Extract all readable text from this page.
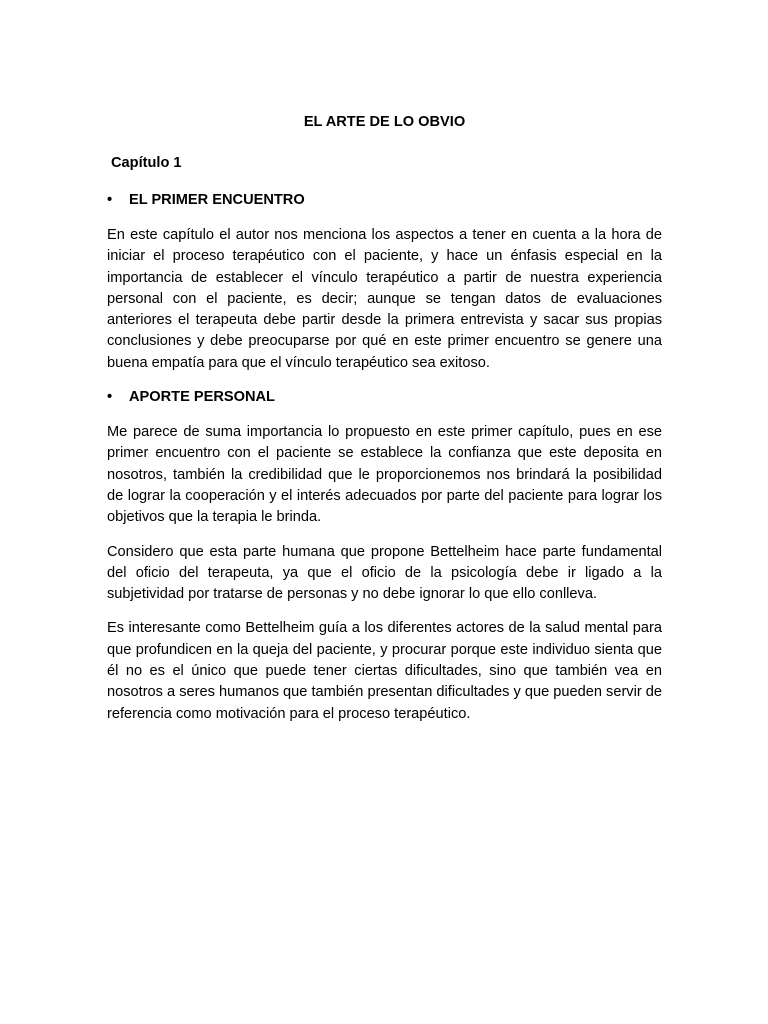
EL ARTE DE LO OBVIO
Capítulo 1
•	EL PRIMER ENCUENTRO

En este capítulo el autor nos menciona los aspectos a tener en cuenta a la hora de iniciar el proceso terapéutico con el paciente, y hace un énfasis especial en la importancia de establecer el vínculo terapéutico a partir de nuestra experiencia personal con el paciente, es decir; aunque se tengan datos de evaluaciones anteriores el terapeuta debe partir desde la primera entrevista y sacar sus propias conclusiones y debe preocuparse por qué en este primer encuentro se genere una buena empatía para que el vínculo terapéutico sea exitoso.

•	APORTE PERSONAL

Me parece de suma importancia lo propuesto en este primer capítulo, pues en ese primer encuentro con el paciente se establece la confianza que este deposita en nosotros, también la credibilidad que le proporcionemos nos brindará la posibilidad de lograr la cooperación y el interés adecuados por parte del paciente para lograr los objetivos que la terapia le brinda.

Considero que esta parte humana que propone Bettelheim hace parte fundamental del oficio del terapeuta, ya que el oficio de la psicología debe ir ligado a la subjetividad por tratarse de personas y no debe ignorar lo que ello conlleva.

Es interesante como Bettelheim guía a los diferentes actores de la salud mental para que profundicen en la queja del paciente, y procurar porque este individuo sienta que él no es el único que puede tener ciertas dificultades, sino que también vea en nosotros a seres humanos que también presentan dificultades y que pueden servir de referencia como motivación para el proceso terapéutico.
